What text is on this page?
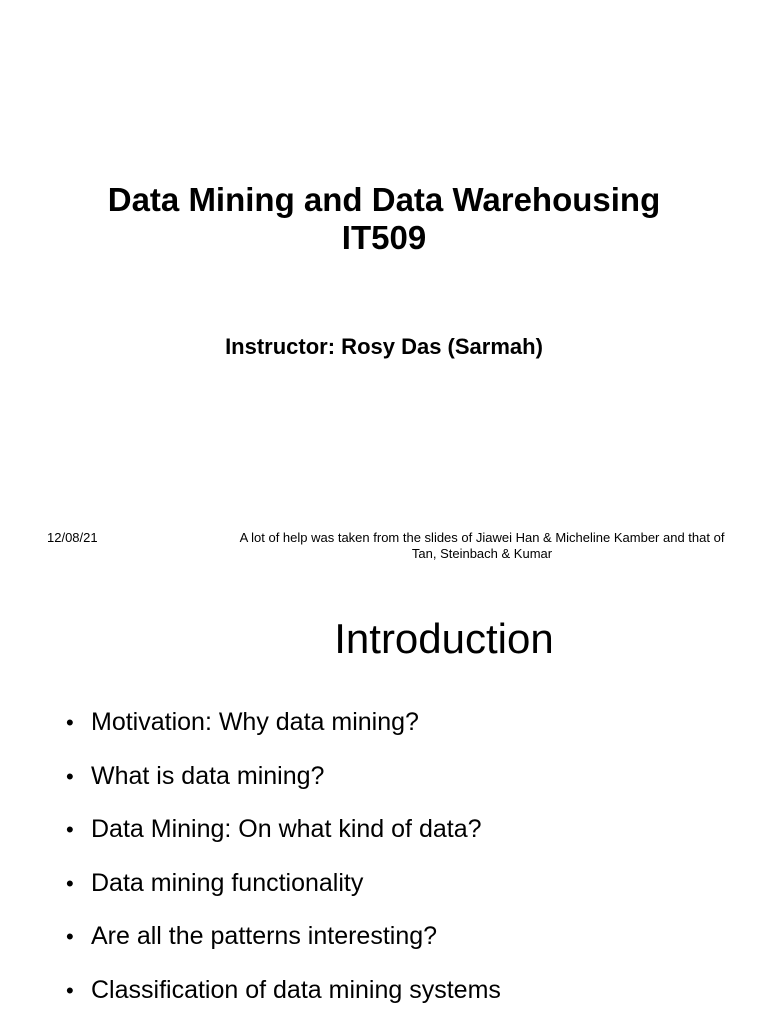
Data Mining and Data Warehousing
IT509
Instructor: Rosy Das (Sarmah)
12/08/21	A lot of help was taken from the slides of Jiawei Han & Micheline Kamber and that of
Tan, Steinbach & Kumar
Introduction
• Motivation: Why data mining?
• What is data mining?
• Data Mining: On what kind of data?
• Data mining functionality
• Are all the patterns interesting?
• Classification of data mining systems
